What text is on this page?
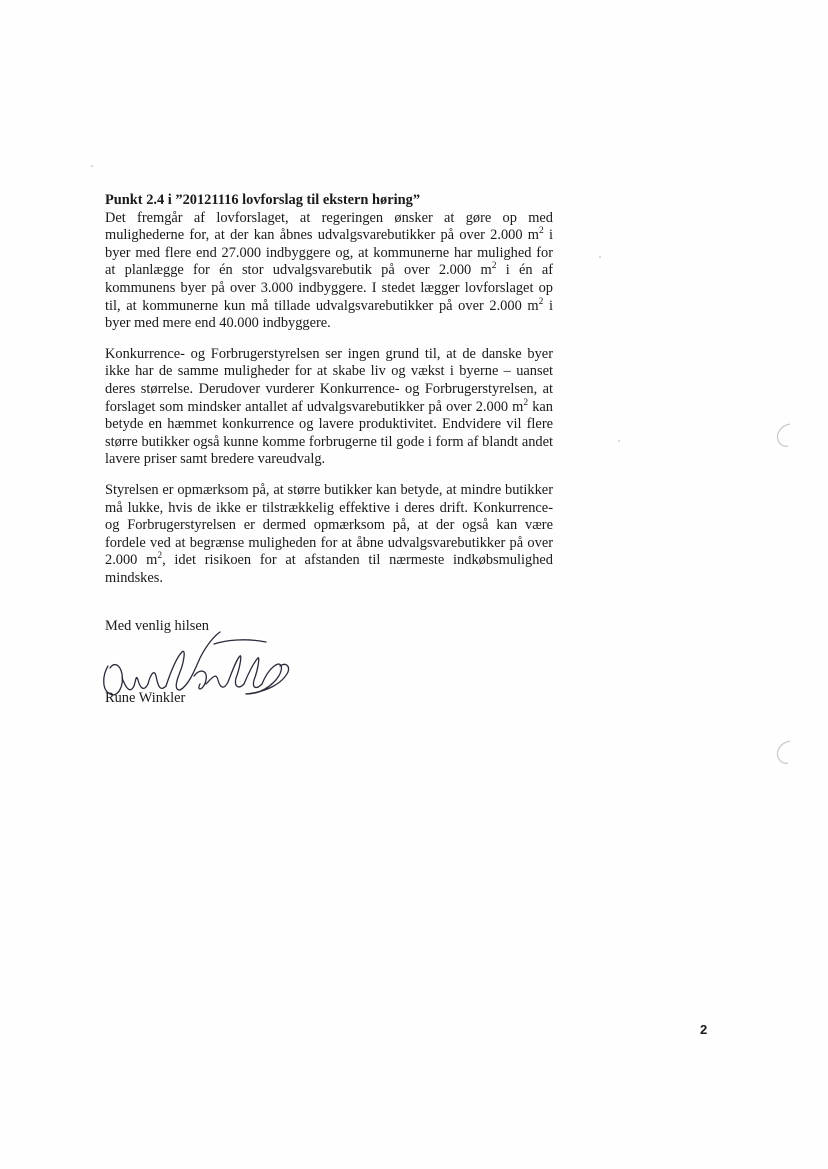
Punkt 2.4 i ”20121116 lovforslag til ekstern høring”

Det fremgår af lovforslaget, at regeringen ønsker at gøre op med mulighederne for, at der kan åbnes udvalgsvarebutikker på over 2.000 $m^2$ i byer med flere end 27.000 indbyggere og, at kommunerne har mulighed for at planlægge for én stor udvalgsvarebutik på over 2.000 $m^2$ i én af kommunens byer på over 3.000 indbyggere. I stedet lægger lovforslaget op til, at kommunerne kun må tillade udvalgsvarebutikker på over 2.000 $m^2$ i byer med mere end 40.000 indbyggere.

Konkurrence- og Forbrugerstyrelsen ser ingen grund til, at de danske byer ikke har de samme muligheder for at skabe liv og vækst i byerne – uanset deres størrelse. Derudover vurderer Konkurrence- og Forbrugerstyrelsen, at forslaget som mindsker antallet af udvalgsvarebutikker på over 2.000 $m^2$ kan betyde en hæmmet konkurrence og lavere produktivitet. Endvidere vil flere større butikker også kunne komme forbrugerne til gode i form af blandt andet lavere priser samt bredere vareudvalg.

Styrelsen er opmærksom på, at større butikker kan betyde, at mindre butikker må lukke, hvis de ikke er tilstrækkelig effektive i deres drift. Konkurrence- og Forbrugerstyrelsen er dermed opmærksom på, at der også kan være fordele ved at begrænse muligheden for at åbne udvalgsvarebutikker på over 2.000 $m^2$, idet risikoen for at afstanden til nærmeste indkøbsmulighed mindskes.

Med venlig hilsen

Rune Winkler

2
